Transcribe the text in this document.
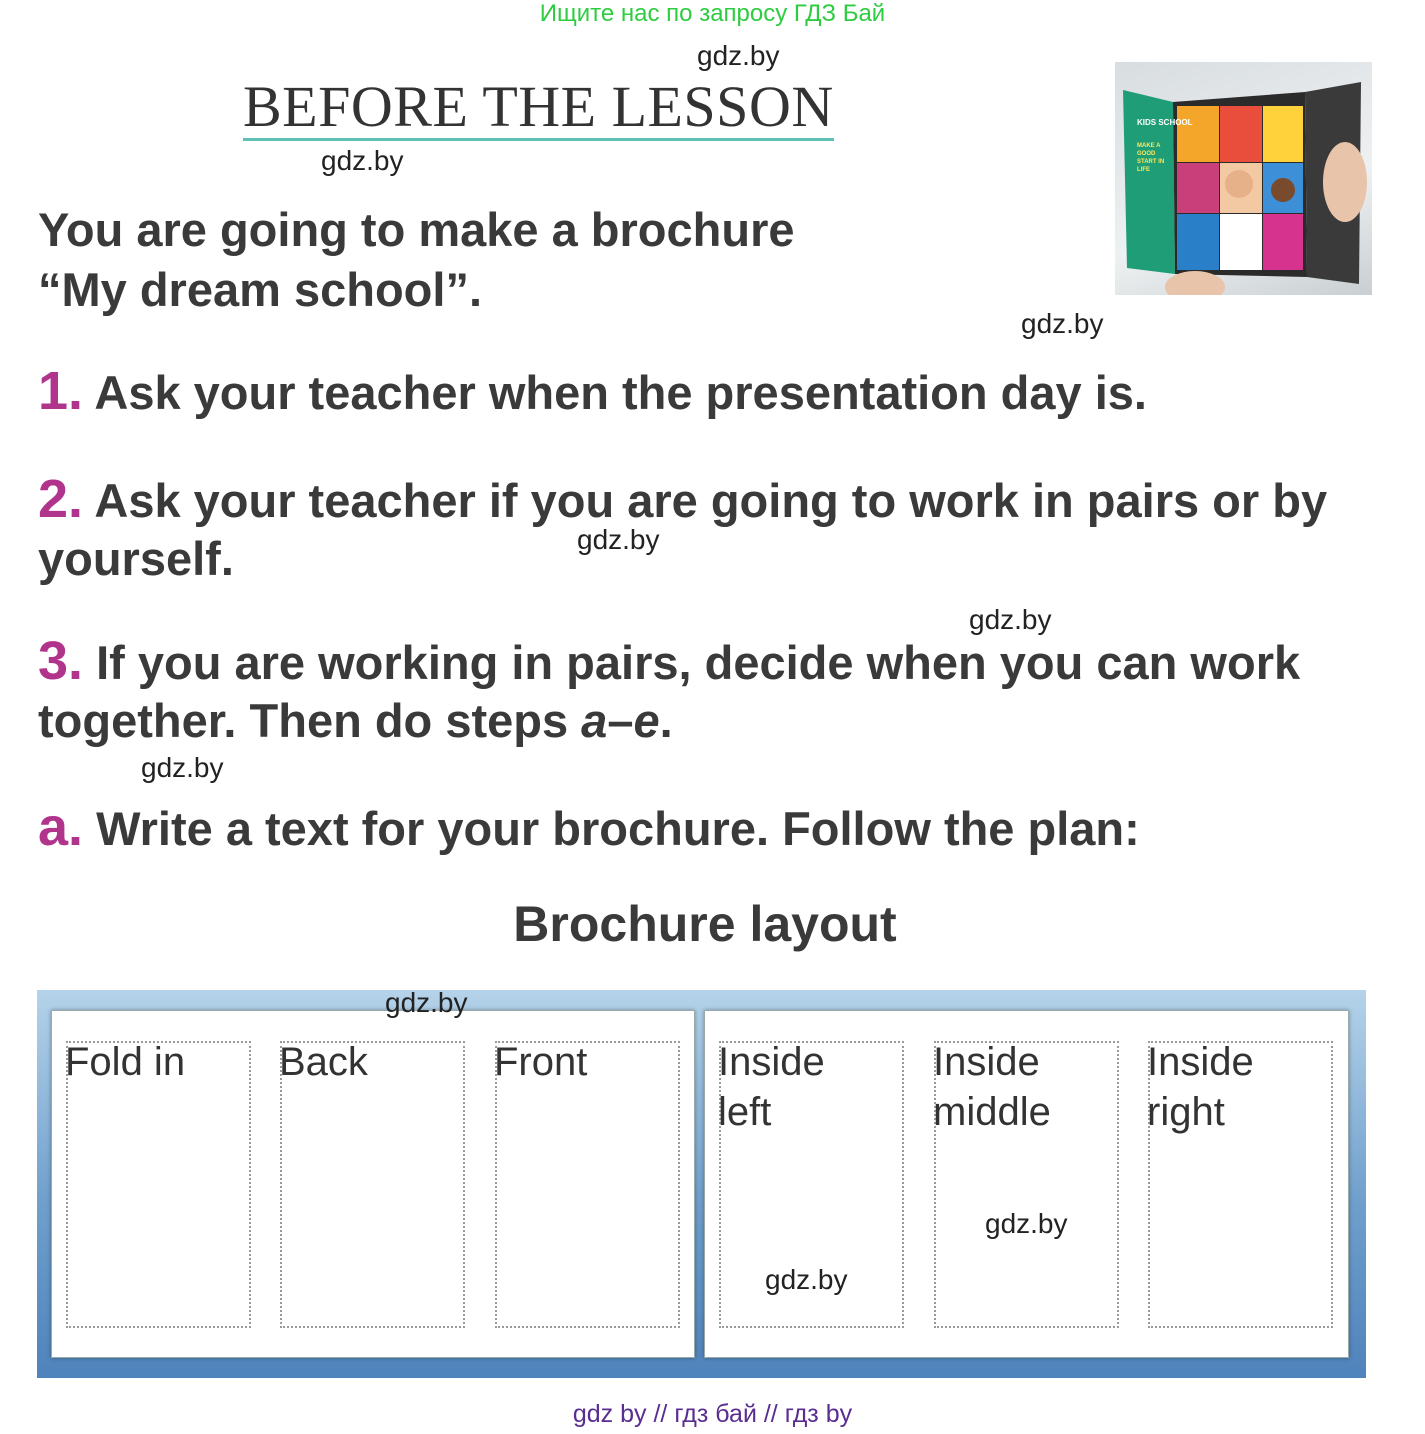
Ищите нас по запросу ГДЗ Бай
gdz.by
BEFORE THE LESSON
gdz.by
KIDS SCHOOL
MAKE A GOOD START IN LIFE
You are going to make a brochure
“My dream school”.
gdz.by
1. Ask your teacher when the presentation day is.
2. Ask your teacher if you are going to work in pairs or by yourself.	gdz.by
gdz.by
3. If you are working in pairs, decide when you can work together. Then do steps a–e.
gdz.by
a. Write a text for your brochure. Follow the plan:
Brochure layout
Fold in Back	Front	Inside left
Inside middle
Inside right
gdz.by
gdz.by
gdz.by
gdz by // гдз бай // гдз by
